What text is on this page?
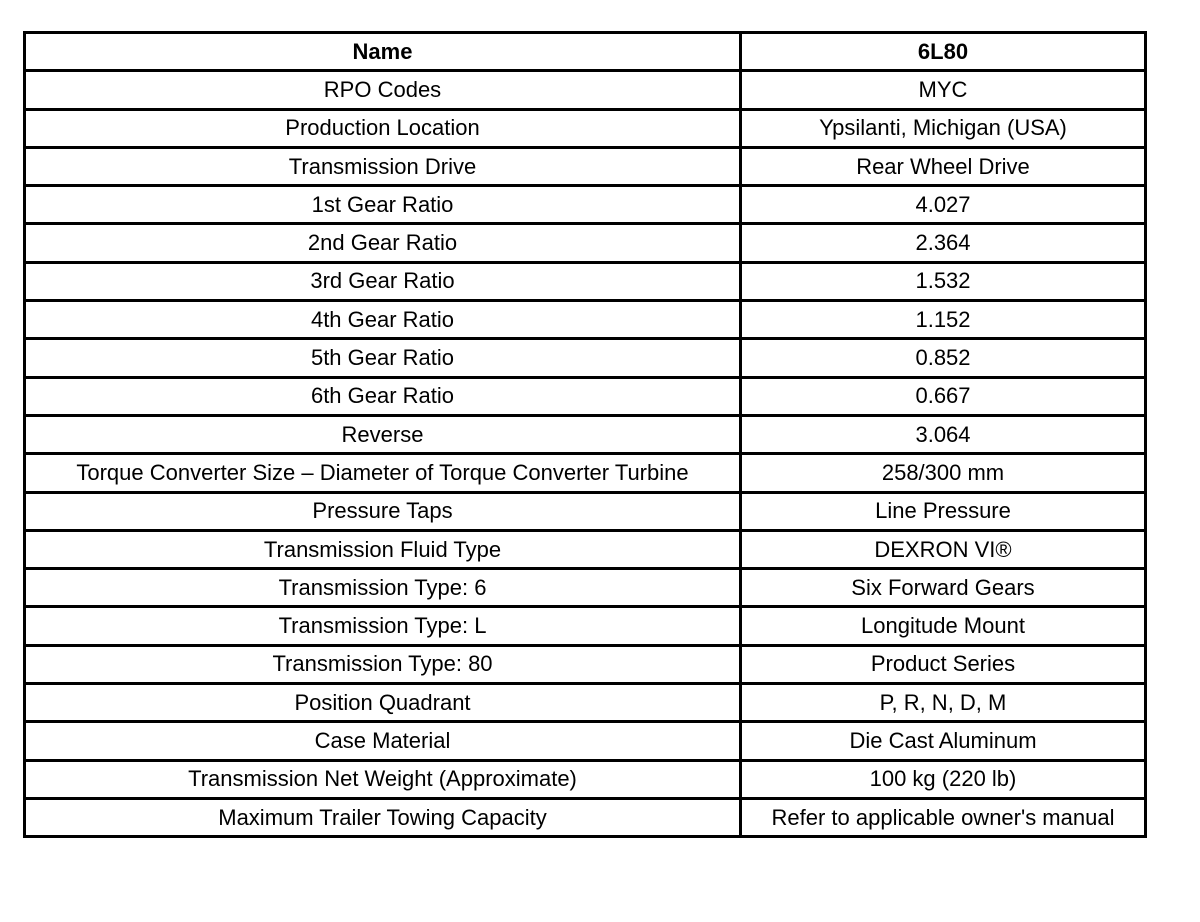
Name	6L80
RPO Codes	MYC
Production Location	Ypsilanti, Michigan (USA)
Transmission Drive	Rear Wheel Drive
1st Gear Ratio	4.027
2nd Gear Ratio	2.364
3rd Gear Ratio	1.532
4th Gear Ratio	1.152
5th Gear Ratio	0.852
6th Gear Ratio	0.667
Reverse	3.064
Torque Converter Size – Diameter of Torque Converter Turbine	258/300 mm
Pressure Taps	Line Pressure
Transmission Fluid Type	DEXRON VI®
Transmission Type: 6	Six Forward Gears
Transmission Type: L	Longitude Mount
Transmission Type: 80	Product Series
Position Quadrant	P, R, N, D, M
Case Material	Die Cast Aluminum
Transmission Net Weight (Approximate)	100 kg (220 lb)
Maximum Trailer Towing Capacity	Refer to applicable owner's manual
